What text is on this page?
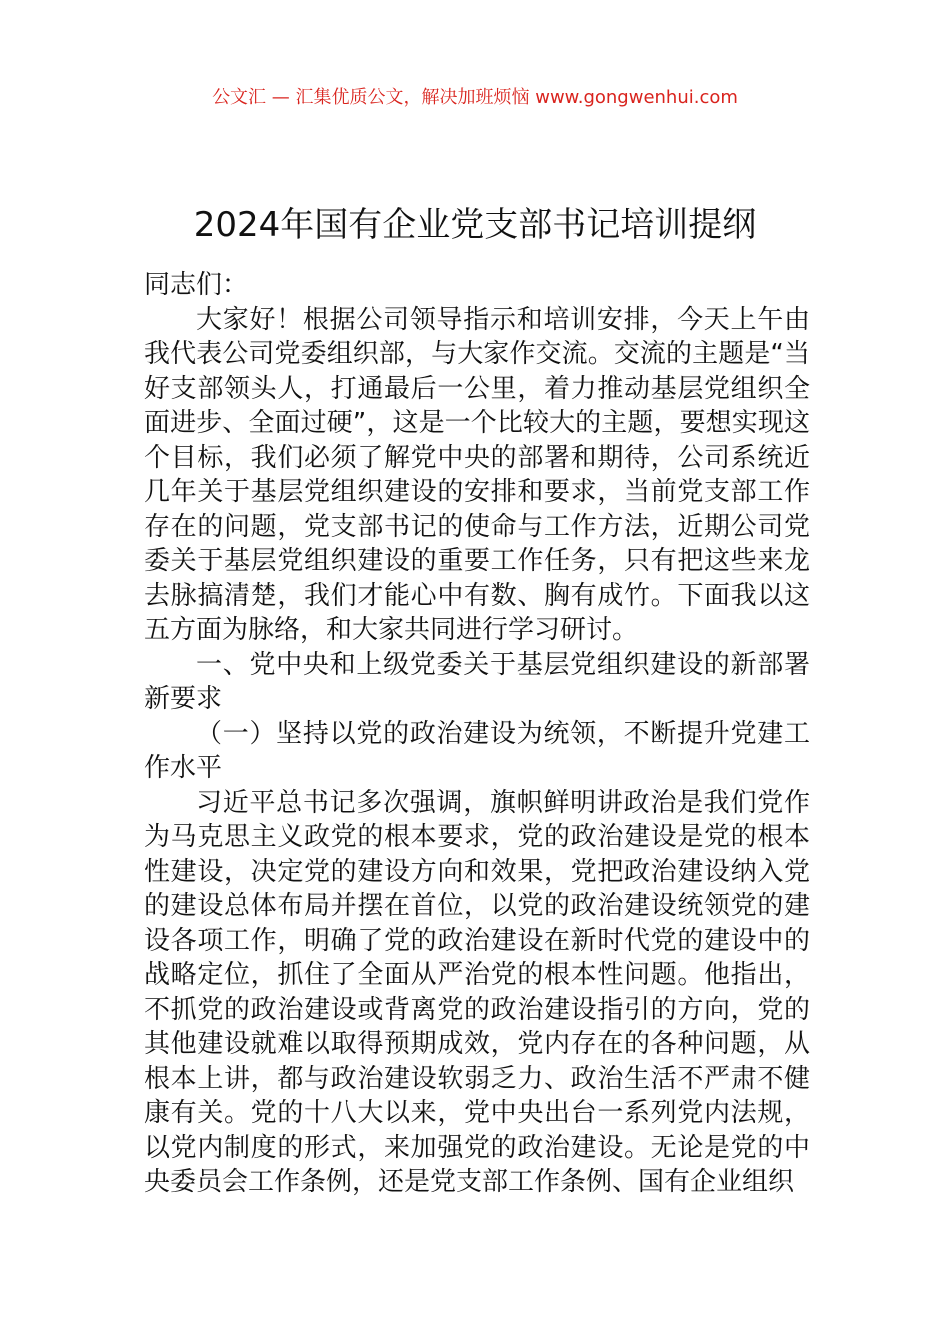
公文汇 — 汇集优质公文，解决加班烦恼 www.gongwenhui.com
2024年国有企业党支部书记培训提纲

同志们：

大家好！根据公司领导指示和培训安排，今天上午由我代表公司党委组织部，与大家作交流。交流的主题是“当好支部领头人，打通最后一公里，着力推动基层党组织全面进步、全面过硬”，这是一个比较大的主题，要想实现这个目标，我们必须了解党中央的部署和期待，公司系统近几年关于基层党组织建设的安排和要求，当前党支部工作存在的问题，党支部书记的使命与工作方法，近期公司党委关于基层党组织建设的重要工作任务，只有把这些来龙去脉搞清楚，我们才能心中有数、胸有成竹。下面我以这五方面为脉络，和大家共同进行学习研讨。

一、党中央和上级党委关于基层党组织建设的新部署新要求

（一）坚持以党的政治建设为统领，不断提升党建工作水平

习近平总书记多次强调，旗帜鲜明讲政治是我们党作为马克思主义政党的根本要求，党的政治建设是党的根本性建设，决定党的建设方向和效果，党把政治建设纳入党的建设总体布局并摆在首位，以党的政治建设统领党的建设各项工作，明确了党的政治建设在新时代党的建设中的战略定位，抓住了全面从严治党的根本性问题。他指出，不抓党的政治建设或背离党的政治建设指引的方向，党的其他建设就难以取得预期成效，党内存在的各种问题，从根本上讲，都与政治建设软弱乏力、政治生活不严肃不健康有关。党的十八大以来，党中央出台一系列党内法规，以党内制度的形式，来加强党的政治建设。无论是党的中央委员会工作条例，还是党支部工作条例、国有企业组织
